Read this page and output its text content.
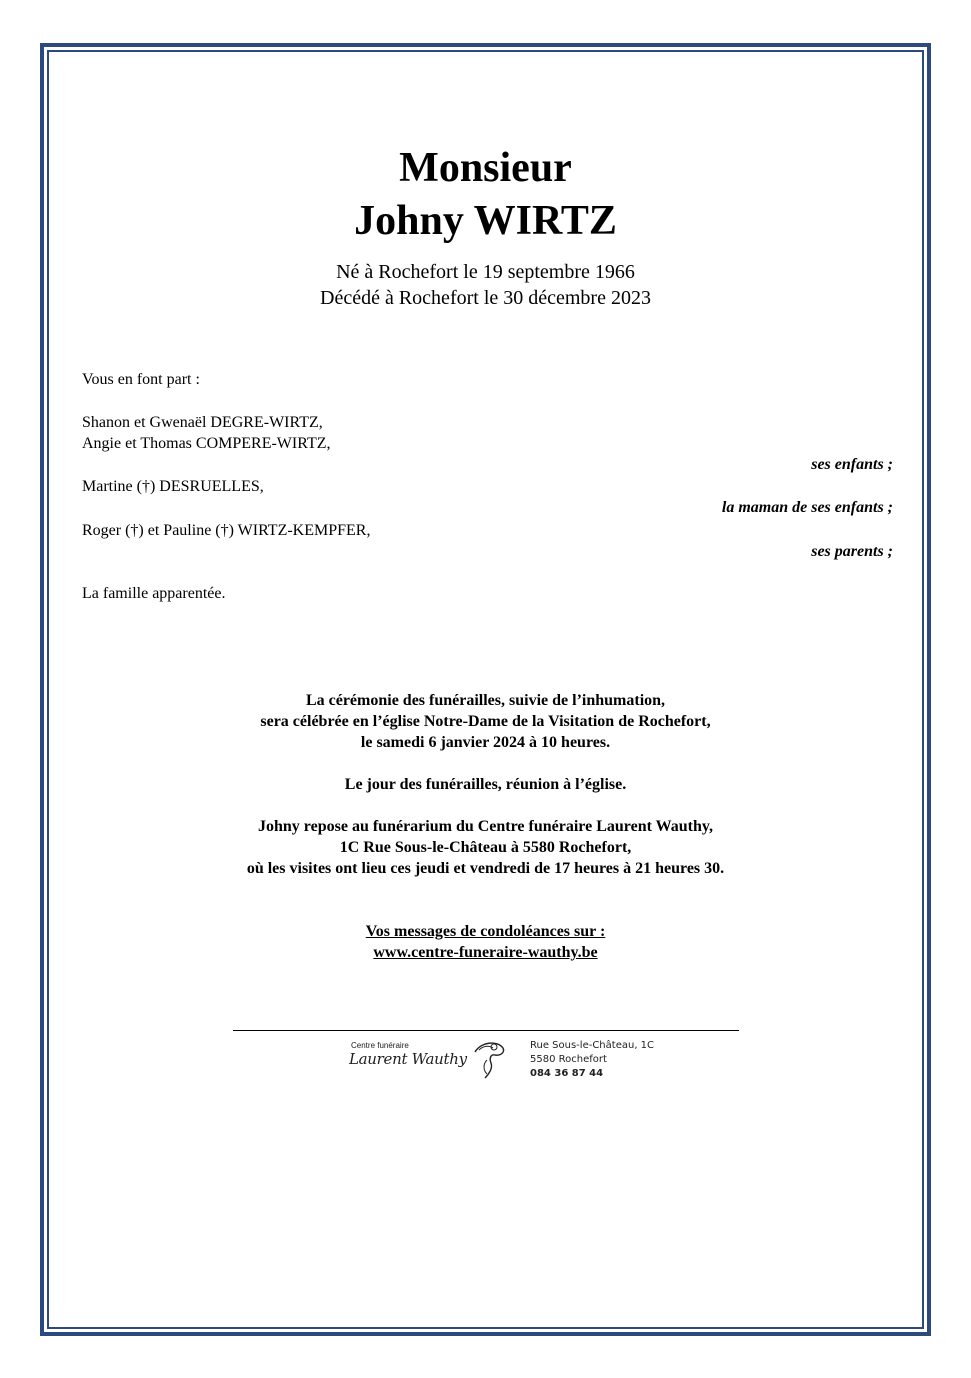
Monsieur
Johny WIRTZ
Né à Rochefort le 19 septembre 1966
Décédé à Rochefort le 30 décembre 2023
Vous en font part :
Shanon et Gwenaël DEGRE-WIRTZ,
Angie et Thomas COMPERE-WIRTZ,
ses enfants ;
Martine (†) DESRUELLES,
la maman de ses enfants ;
Roger (†) et Pauline (†) WIRTZ-KEMPFER,
ses parents ;
La famille apparentée.
La cérémonie des funérailles, suivie de l’inhumation,
sera célébrée en l’église Notre-Dame de la Visitation de Rochefort,
le samedi 6 janvier 2024 à 10 heures.
Le jour des funérailles, réunion à l’église.
Johny repose au funérarium du Centre funéraire Laurent Wauthy,
1C Rue Sous-le-Château à 5580 Rochefort,
où les visites ont lieu ces jeudi et vendredi de 17 heures à 21 heures 30.
Vos messages de condoléances sur :
www.centre-funeraire-wauthy.be
Centre funéraire
Laurent Wauthy
Rue Sous-le-Château, 1C
5580 Rochefort
084 36 87 44
